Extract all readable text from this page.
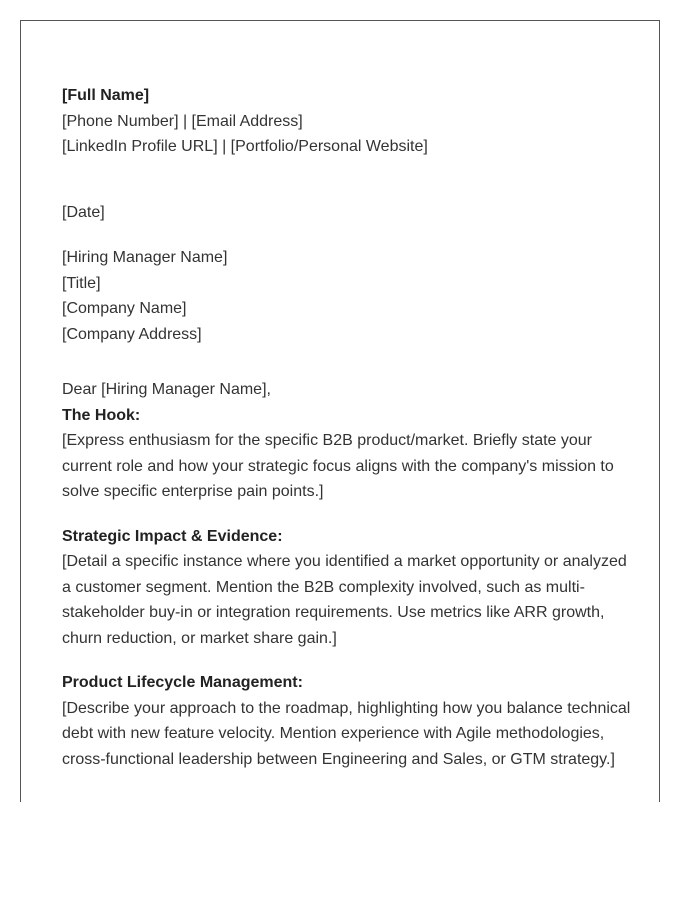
[Full Name]
[Phone Number] | [Email Address]
[LinkedIn Profile URL] | [Portfolio/Personal Website]
[Date]
[Hiring Manager Name]
[Title]
[Company Name]
[Company Address]
Dear [Hiring Manager Name],
The Hook:
[Express enthusiasm for the specific B2B product/market. Briefly state your current role and how your strategic focus aligns with the company's mission to solve specific enterprise pain points.]
Strategic Impact & Evidence:
[Detail a specific instance where you identified a market opportunity or analyzed a customer segment. Mention the B2B complexity involved, such as multi-stakeholder buy-in or integration requirements. Use metrics like ARR growth, churn reduction, or market share gain.]
Product Lifecycle Management:
[Describe your approach to the roadmap, highlighting how you balance technical debt with new feature velocity. Mention experience with Agile methodologies, cross-functional leadership between Engineering and Sales, or GTM strategy.]
